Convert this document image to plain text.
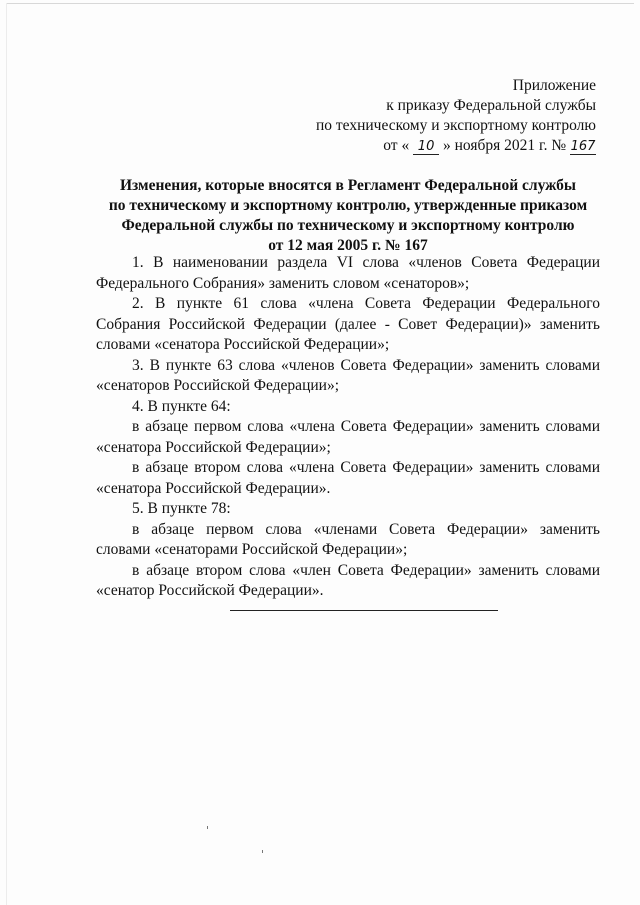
Приложение
к приказу Федеральной службы
по техническому и экспортному контролю
от « 10 » ноября 2021 г. № 167
Изменения, которые вносятся в Регламент Федеральной службы
по техническому и экспортному контролю, утвержденные приказом
Федеральной службы по техническому и экспортному контролю
от 12 мая 2005 г. № 167

1. В наименовании раздела VI слова «членов Совета Федерации Федерального Собрания» заменить словом «сенаторов»;

2. В пункте 61 слова «члена Совета Федерации Федерального Собрания Российской Федерации (далее - Совет Федерации)» заменить словами «сенатора Российской Федерации»;

3. В пункте 63 слова «членов Совета Федерации» заменить словами «сенаторов Российской Федерации»;

4. В пункте 64:

в абзаце первом слова «члена Совета Федерации» заменить словами «сенатора Российской Федерации»;

в абзаце втором слова «члена Совета Федерации» заменить словами «сенатора Российской Федерации».

5. В пункте 78:

в абзаце первом слова «членами Совета Федерации» заменить словами «сенаторами Российской Федерации»;

в абзаце втором слова «член Совета Федерации» заменить словами «сенатор Российской Федерации».
